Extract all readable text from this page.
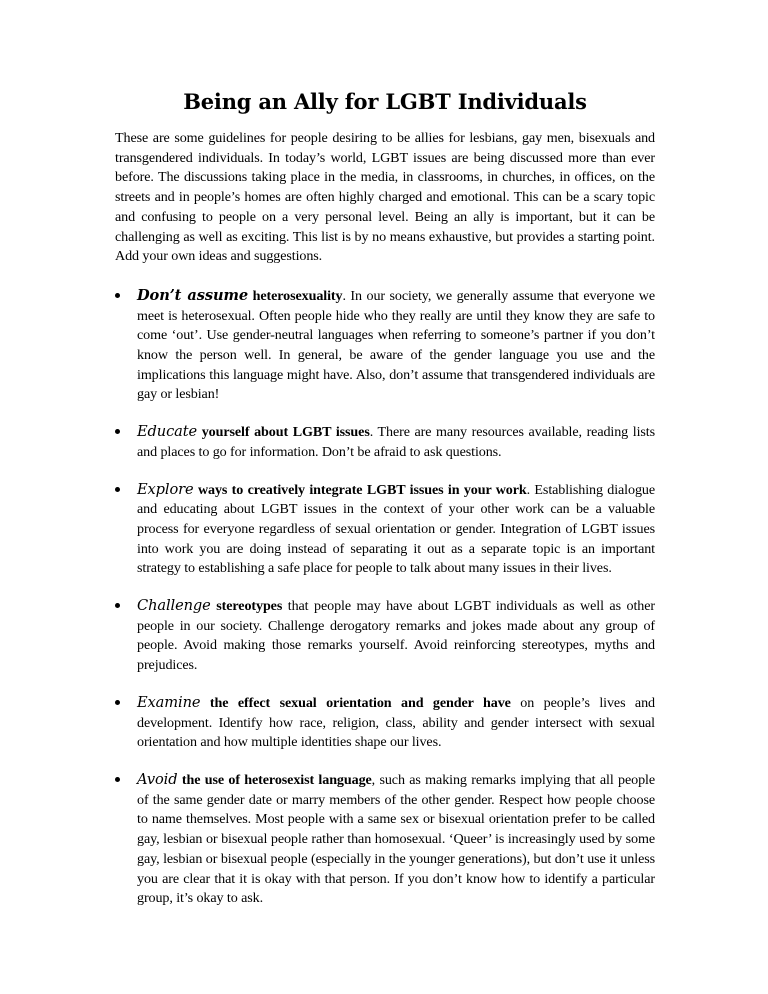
Being an Ally for LGBT Individuals

These are some guidelines for people desiring to be allies for lesbians, gay men, bisexuals and transgendered individuals. In today’s world, LGBT issues are being discussed more than ever before. The discussions taking place in the media, in classrooms, in churches, in offices, on the streets and in people’s homes are often highly charged and emotional. This can be a scary topic and confusing to people on a very personal level. Being an ally is important, but it can be challenging as well as exciting. This list is by no means exhaustive, but provides a starting point. Add your own ideas and suggestions.

Don’t assume heterosexuality. In our society, we generally assume that everyone we meet is heterosexual. Often people hide who they really are until they know they are safe to come ‘out’. Use gender-neutral languages when referring to someone’s partner if you don’t know the person well. In general, be aware of the gender language you use and the implications this language might have. Also, don’t assume that transgendered individuals are gay or lesbian!
Educate yourself about LGBT issues. There are many resources available, reading lists and places to go for information. Don’t be afraid to ask questions.
Explore ways to creatively integrate LGBT issues in your work. Establishing dialogue and educating about LGBT issues in the context of your other work can be a valuable process for everyone regardless of sexual orientation or gender. Integration of LGBT issues into work you are doing instead of separating it out as a separate topic is an important strategy to establishing a safe place for people to talk about many issues in their lives.
Challenge stereotypes that people may have about LGBT individuals as well as other people in our society. Challenge derogatory remarks and jokes made about any group of people. Avoid making those remarks yourself. Avoid reinforcing stereotypes, myths and prejudices.
Examine the effect sexual orientation and gender have on people’s lives and development. Identify how race, religion, class, ability and gender intersect with sexual orientation and how multiple identities shape our lives.
Avoid the use of heterosexist language, such as making remarks implying that all people of the same gender date or marry members of the other gender. Respect how people choose to name themselves. Most people with a same sex or bisexual orientation prefer to be called gay, lesbian or bisexual people rather than homosexual. ‘Queer’ is increasingly used by some gay, lesbian or bisexual people (especially in the younger generations), but don’t use it unless you are clear that it is okay with that person. If you don’t know how to identify a particular group, it’s okay to ask.
